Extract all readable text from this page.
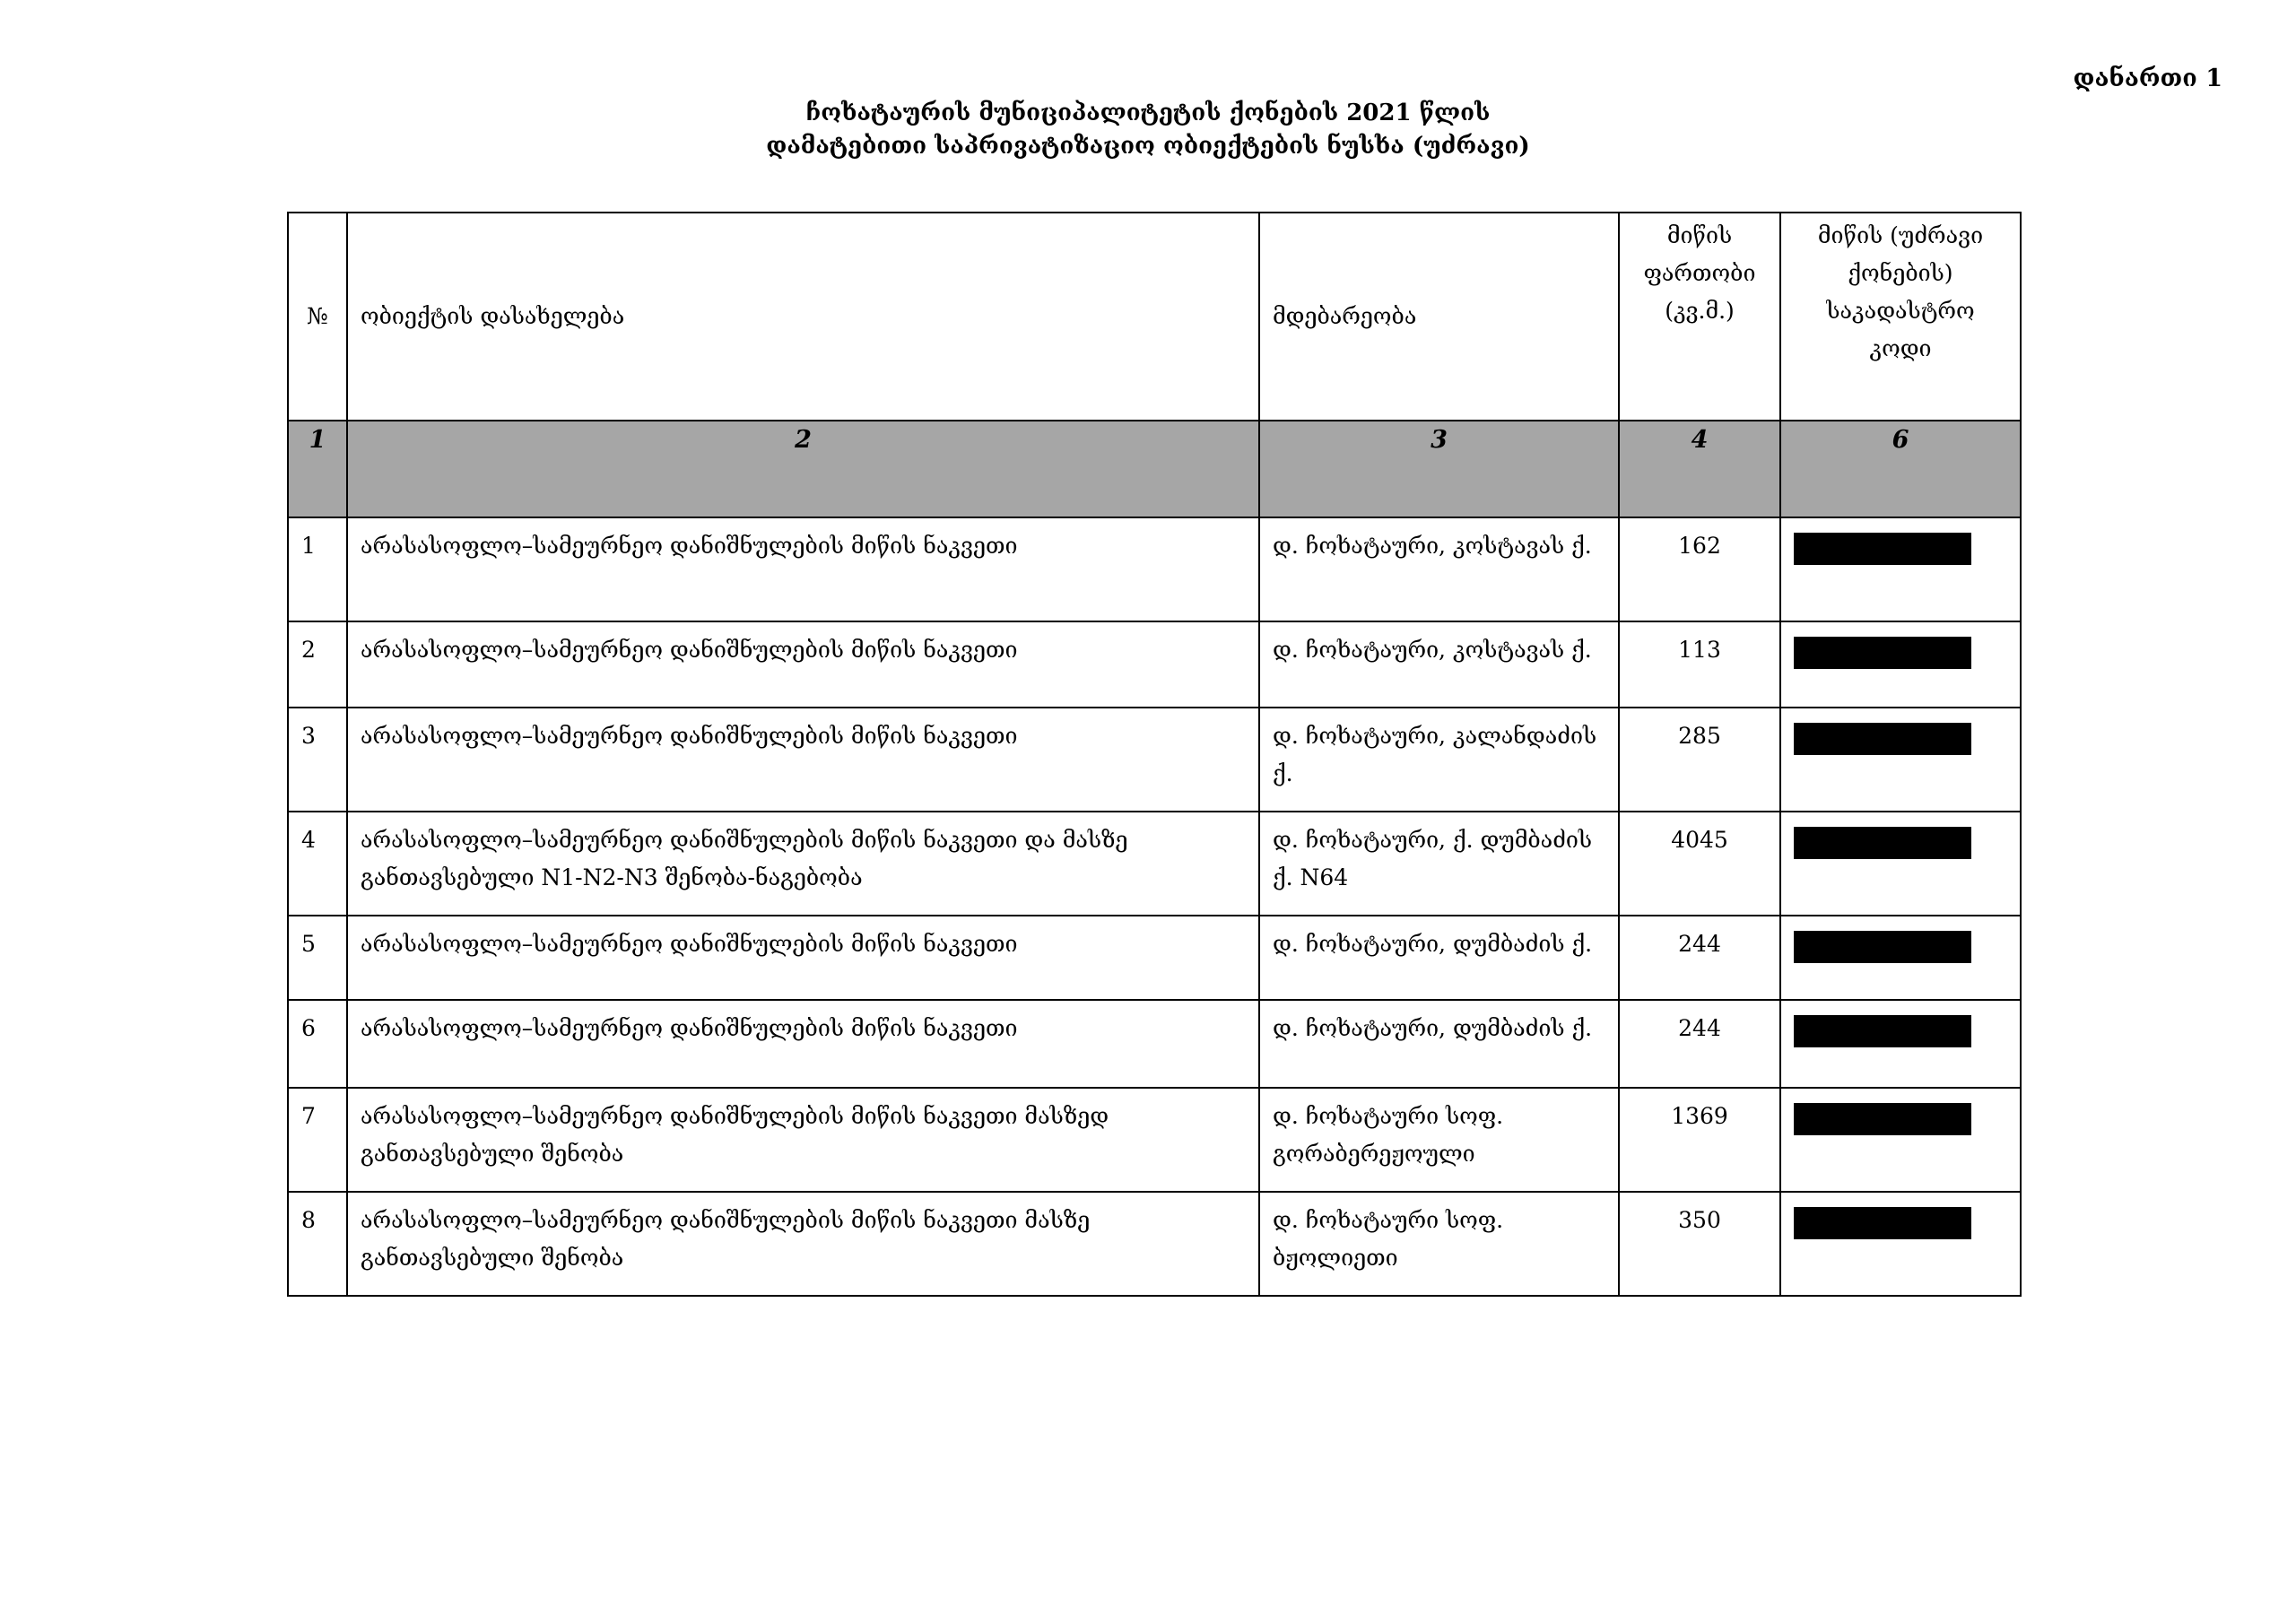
დანართი 1
ჩოხატაურის მუნიციპალიტეტის ქონების 2021 წლის
დამატებითი საპრივატიზაციო ობიექტების ნუსხა (უძრავი)
№	ობიექტის დასახელება	მდებარეობა	მიწის ფართობი (კვ.მ.)	მიწის (უძრავი ქონების) საკადასტრო კოდი
1	2	3	4	6
1	არასასოფლო–სამეურნეო დანიშნულების მიწის ნაკვეთი	დ. ჩოხატაური, კოსტავას ქ.	162	

2	არასასოფლო–სამეურნეო დანიშნულების მიწის ნაკვეთი	დ. ჩოხატაური, კოსტავას ქ.	113	

3	არასასოფლო–სამეურნეო დანიშნულების მიწის ნაკვეთი	დ. ჩოხატაური, კალანდაძის ქ.	285	

4	არასასოფლო–სამეურნეო დანიშნულების მიწის ნაკვეთი და მასზე განთავსებული N1-N2-N3 შენობა-ნაგებობა	დ. ჩოხატაური, ქ. დუმბაძის ქ. N64	4045	

5	არასასოფლო–სამეურნეო დანიშნულების მიწის ნაკვეთი	დ. ჩოხატაური, დუმბაძის ქ.	244	

6	არასასოფლო–სამეურნეო დანიშნულების მიწის ნაკვეთი	დ. ჩოხატაური, დუმბაძის ქ.	244	

7	არასასოფლო–სამეურნეო დანიშნულების მიწის ნაკვეთი მასზედ განთავსებული შენობა	დ. ჩოხატაური სოფ. გორაბერეჟოული	1369	

8	არასასოფლო–სამეურნეო დანიშნულების მიწის ნაკვეთი მასზე განთავსებული შენობა	დ. ჩოხატაური სოფ. ბჟოლიეთი	350	
